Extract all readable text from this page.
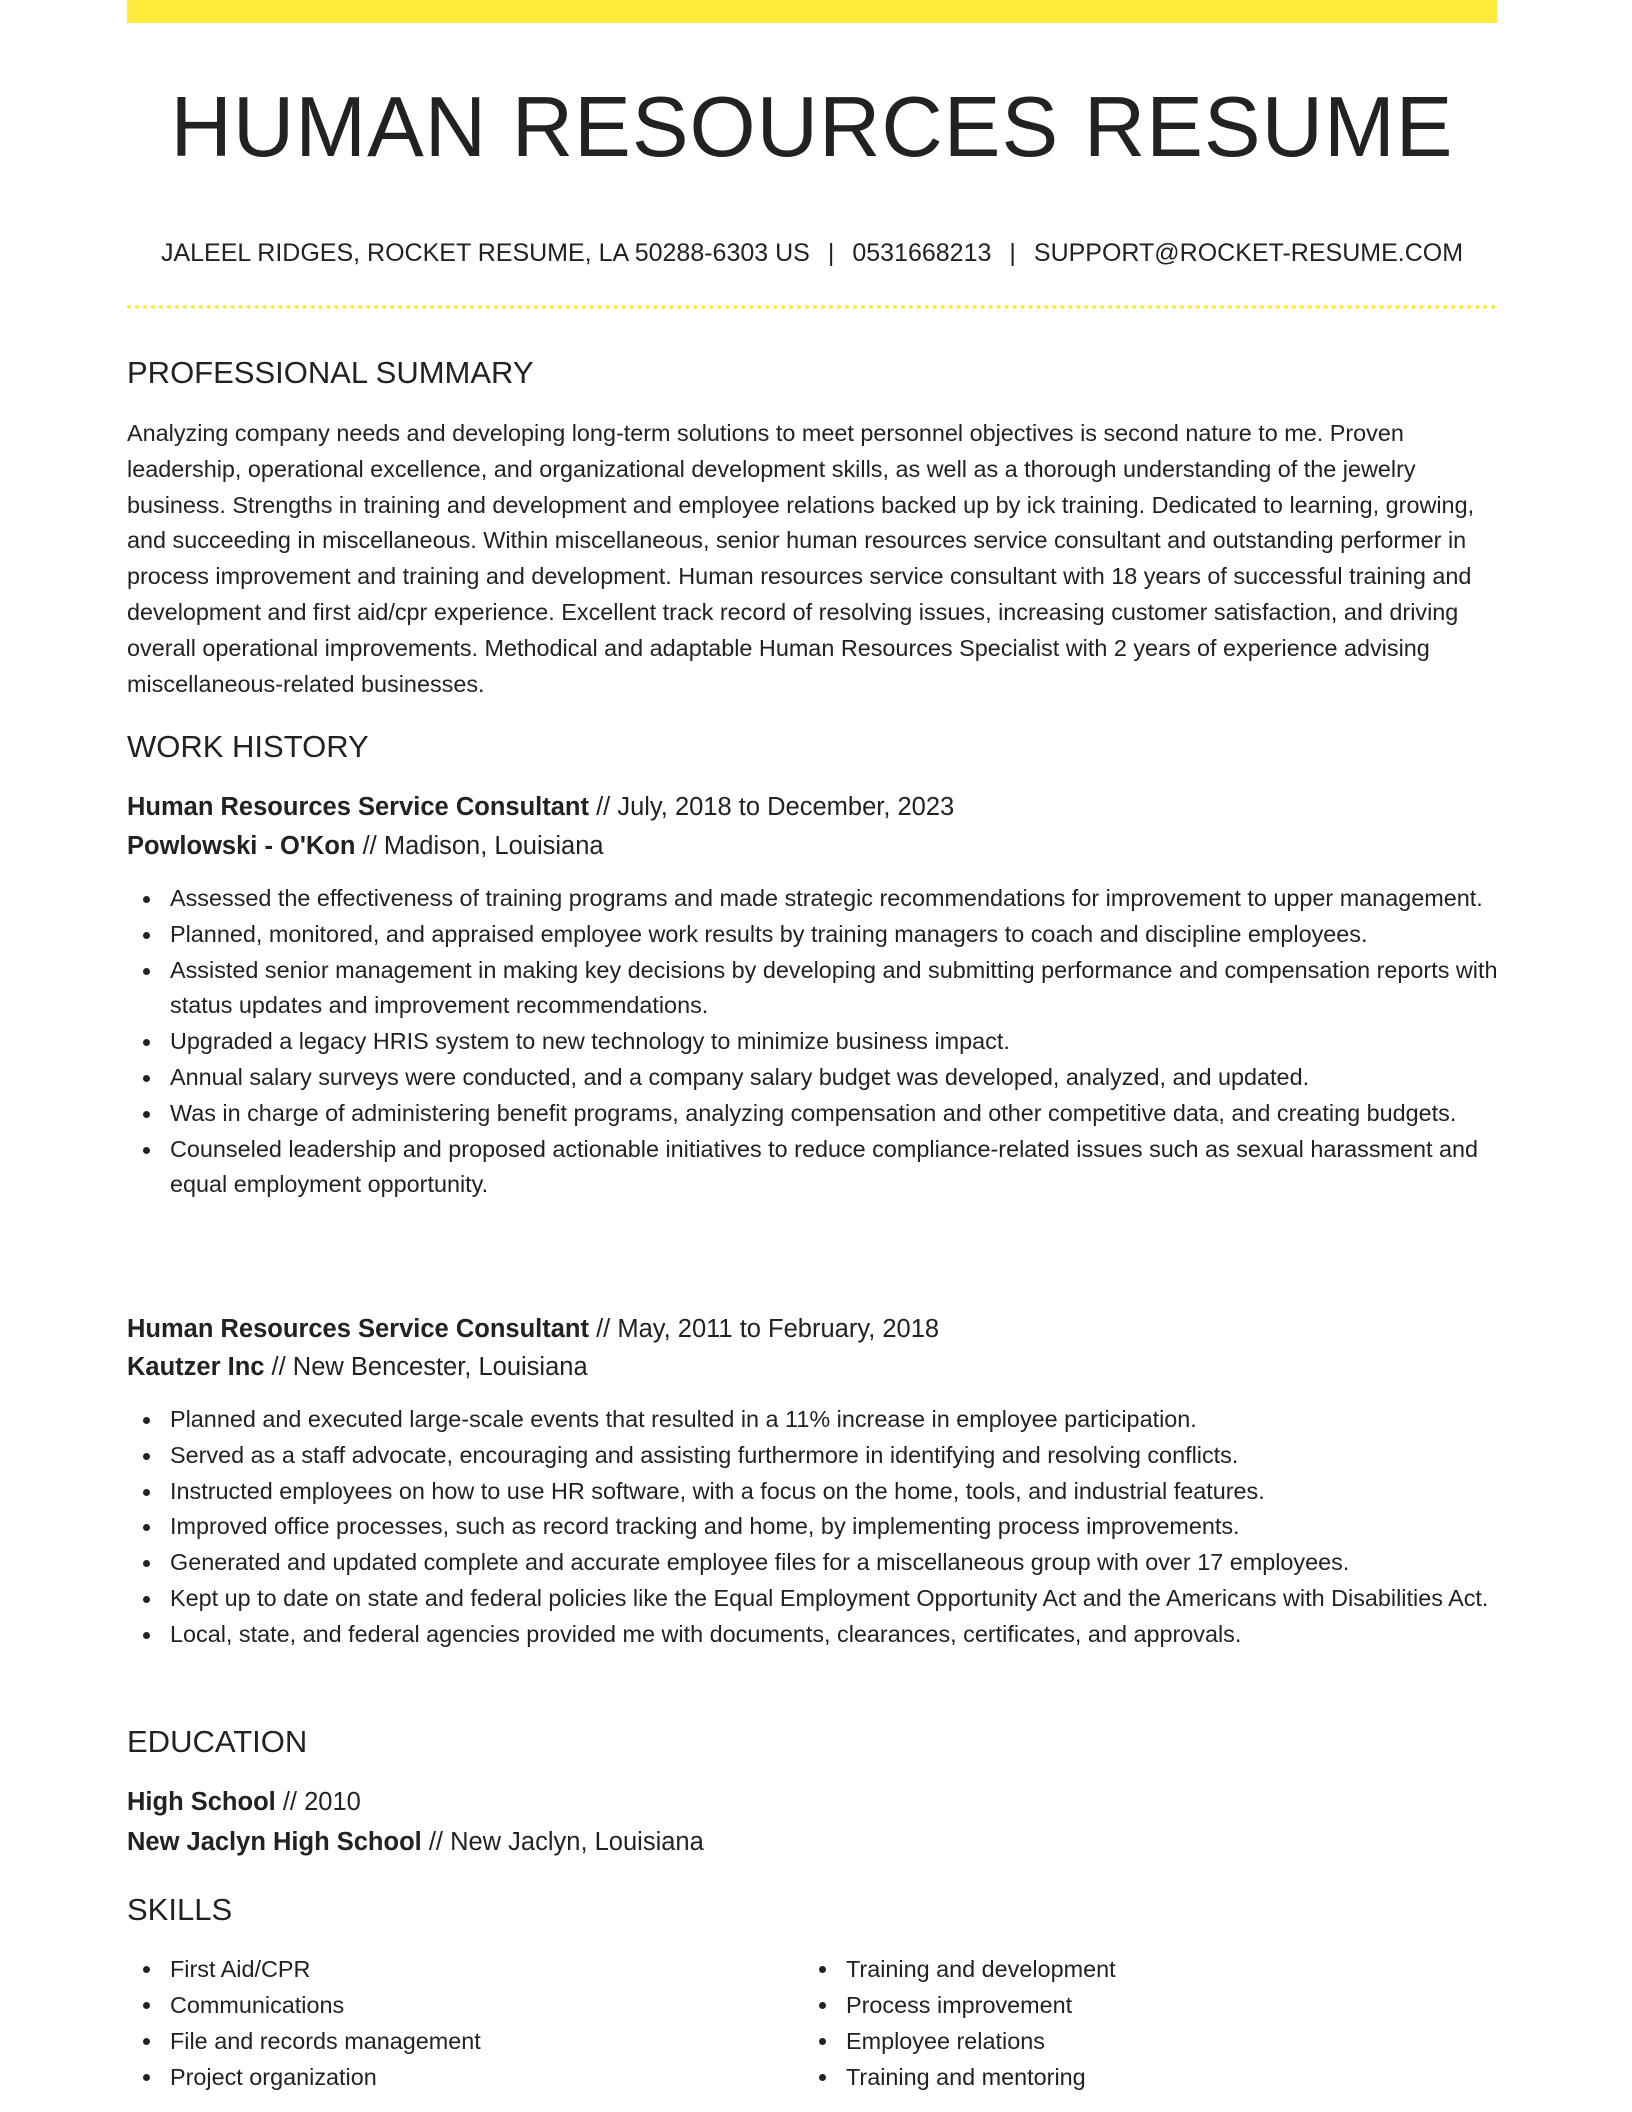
HUMAN RESOURCES RESUME
JALEEL RIDGES, ROCKET RESUME, LA 50288-6303 US | 0531668213 | SUPPORT@ROCKET-RESUME.COM
PROFESSIONAL SUMMARY

Analyzing company needs and developing long-term solutions to meet personnel objectives is second nature to me. Proven leadership, operational excellence, and organizational development skills, as well as a thorough understanding of the jewelry business. Strengths in training and development and employee relations backed up by ick training. Dedicated to learning, growing, and succeeding in miscellaneous. Within miscellaneous, senior human resources service consultant and outstanding performer in process improvement and training and development. Human resources service consultant with 18 years of successful training and development and first aid/cpr experience. Excellent track record of resolving issues, increasing customer satisfaction, and driving overall operational improvements. Methodical and adaptable Human Resources Specialist with 2 years of experience advising miscellaneous-related businesses.

WORK HISTORY
Human Resources Service Consultant // July, 2018 to December, 2023
Powlowski - O'Kon // Madison, Louisiana
Assessed the effectiveness of training programs and made strategic recommendations for improvement to upper management.
Planned, monitored, and appraised employee work results by training managers to coach and discipline employees.
Assisted senior management in making key decisions by developing and submitting performance and compensation reports with status updates and improvement recommendations.
Upgraded a legacy HRIS system to new technology to minimize business impact.
Annual salary surveys were conducted, and a company salary budget was developed, analyzed, and updated.
Was in charge of administering benefit programs, analyzing compensation and other competitive data, and creating budgets.
Counseled leadership and proposed actionable initiatives to reduce compliance-related issues such as sexual harassment and equal employment opportunity.
Human Resources Service Consultant // May, 2011 to February, 2018
Kautzer Inc // New Bencester, Louisiana
Planned and executed large-scale events that resulted in a 11% increase in employee participation.
Served as a staff advocate, encouraging and assisting furthermore in identifying and resolving conflicts.
Instructed employees on how to use HR software, with a focus on the home, tools, and industrial features.
Improved office processes, such as record tracking and home, by implementing process improvements.
Generated and updated complete and accurate employee files for a miscellaneous group with over 17 employees.
Kept up to date on state and federal policies like the Equal Employment Opportunity Act and the Americans with Disabilities Act.
Local, state, and federal agencies provided me with documents, clearances, certificates, and approvals.
EDUCATION
High School // 2010
New Jaclyn High School // New Jaclyn, Louisiana
SKILLS
First Aid/CPR
Communications
File and records management
Project organization
Training and development
Process improvement
Employee relations
Training and mentoring
